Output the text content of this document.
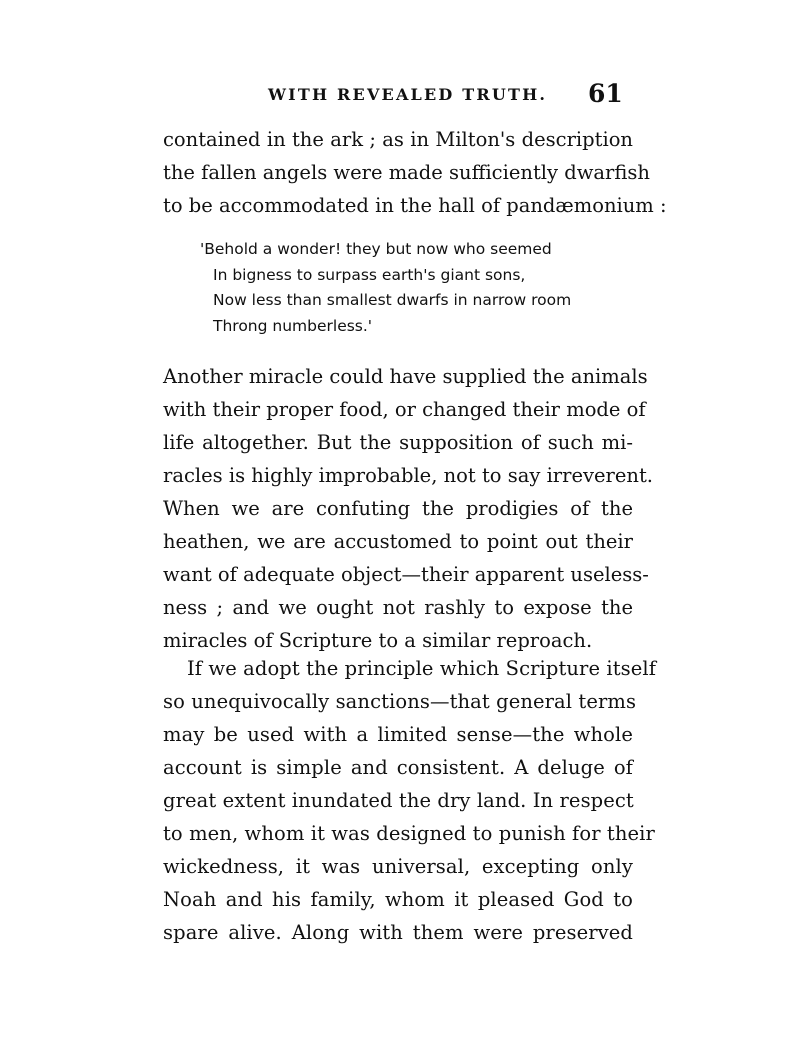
WITH REVEALED TRUTH. 61
contained in the ark ; as in Milton's description
the fallen angels were made sufficiently dwarfish
to be accommodated in the hall of pandæmonium :
'Behold a wonder! they but now who seemed
In bigness to surpass earth's giant sons,
Now less than smallest dwarfs in narrow room
Throng numberless.'
Another miracle could have supplied the animals
with their proper food, or changed their mode of
life altogether. But the supposition of such mi-
racles is highly improbable, not to say irreverent.
When we are confuting the prodigies of the
heathen, we are accustomed to point out their
want of adequate object—their apparent useless-
ness ; and we ought not rashly to expose the
miracles of Scripture to a similar reproach.
If we adopt the principle which Scripture itself
so unequivocally sanctions—that general terms
may be used with a limited sense—the whole
account is simple and consistent. A deluge of
great extent inundated the dry land. In respect
to men, whom it was designed to punish for their
wickedness, it was universal, excepting only
Noah and his family, whom it pleased God to
spare alive. Along with them were preserved
